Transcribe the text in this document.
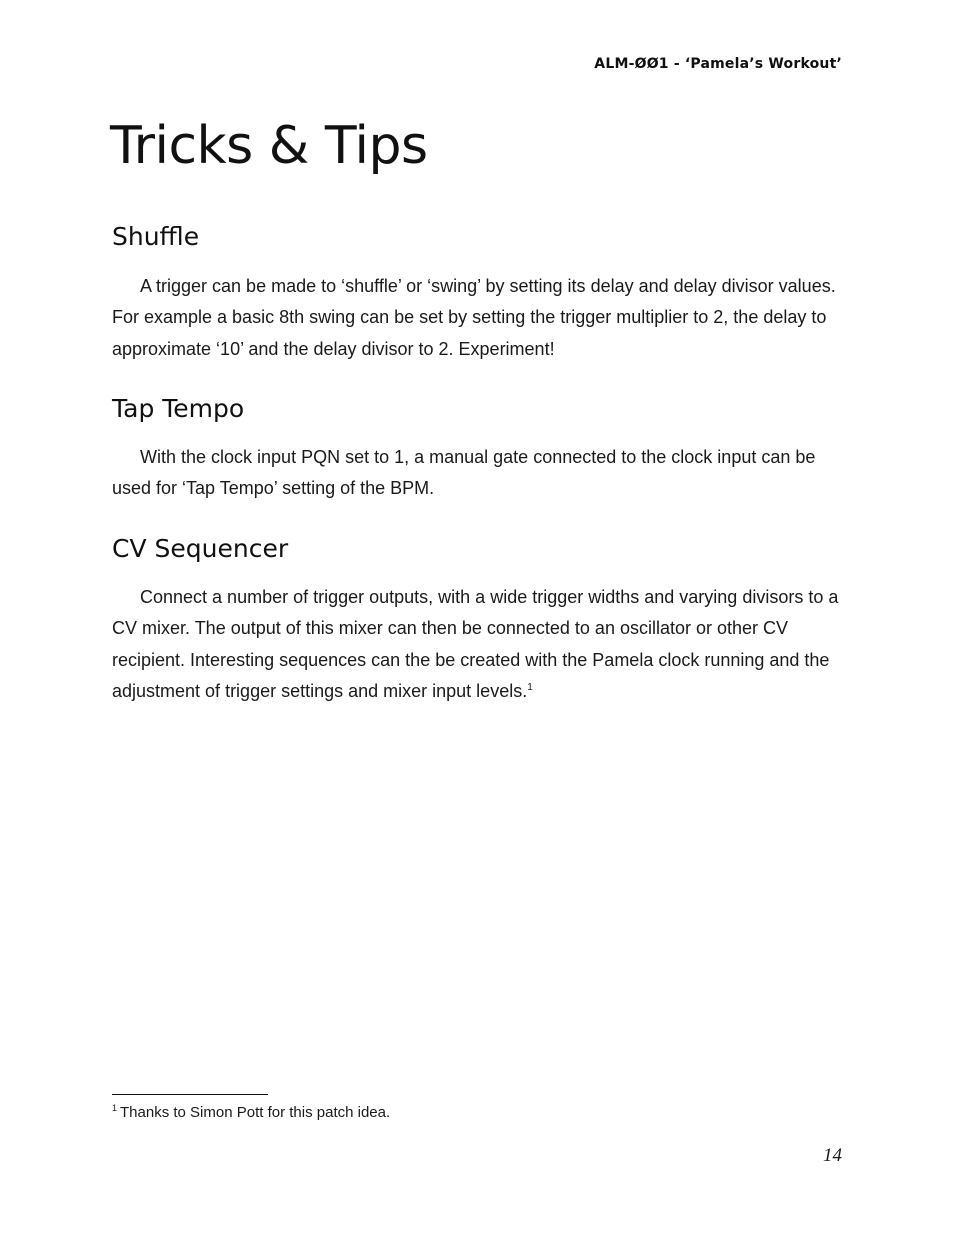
ALM-ØØ1 - ‘Pamela’s Workout’
Tricks & Tips
Shuffle

A trigger can be made to ‘shuffle’ or ‘swing’ by setting its delay and delay divisor values. For example a basic 8th swing can be set by setting the trigger multiplier to 2, the delay to approximate ‘10’ and the delay divisor to 2. Experiment!

Tap Tempo

With the clock input PQN set to 1, a manual gate connected to the clock input can be used for ‘Tap Tempo’ setting of the BPM.

CV Sequencer

Connect a number of trigger outputs, with a wide trigger widths and varying divisors to a CV mixer. The output of this mixer can then be connected to an oscillator or other CV recipient. Interesting sequences can the be created with the Pamela clock running and the adjustment of trigger settings and mixer input levels.$^1$

$^1$ Thanks to Simon Pott for this patch idea.
14
